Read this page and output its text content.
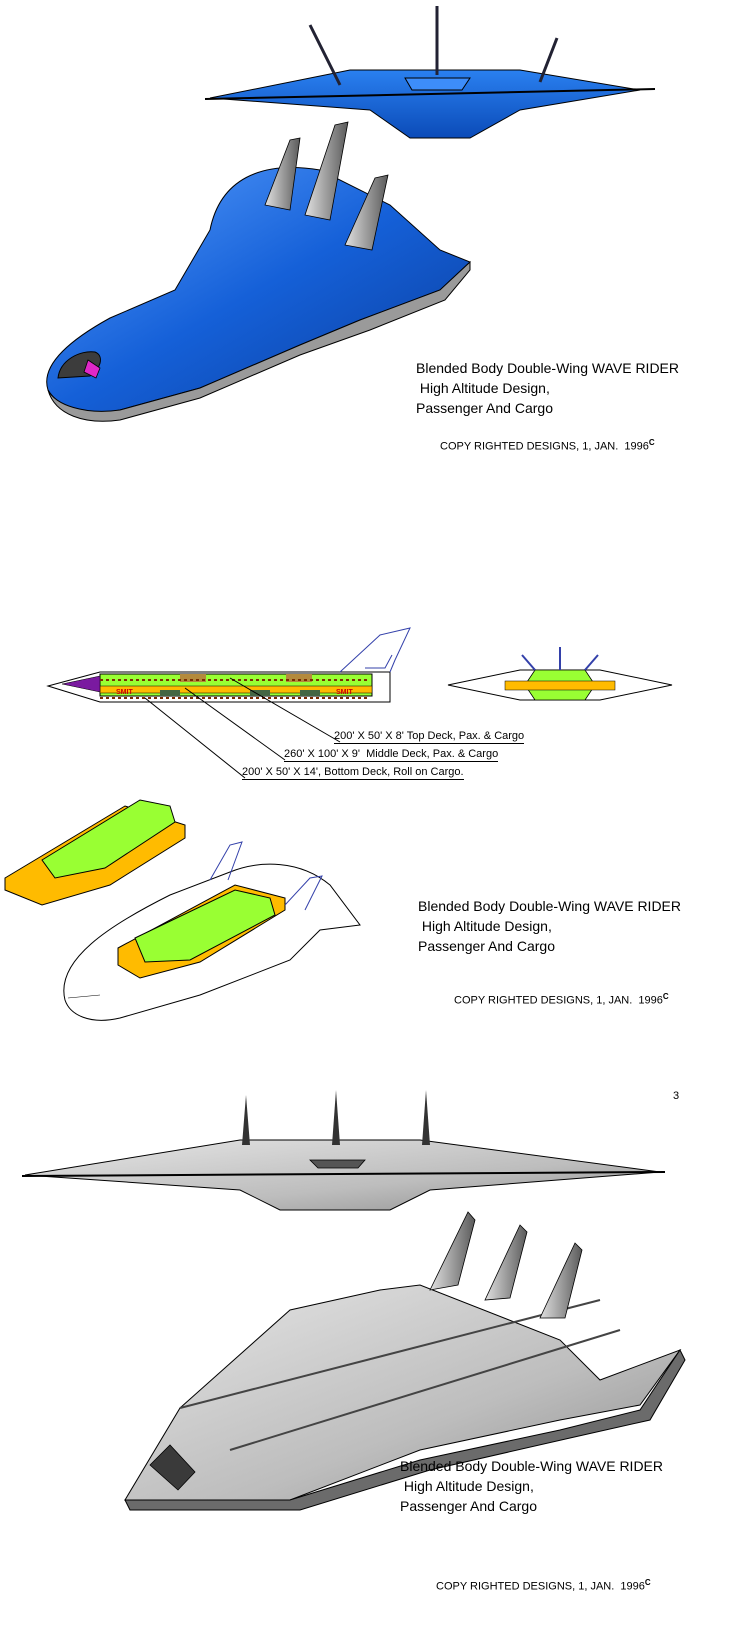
Blended Body Double-Wing WAVE RIDER
High Altitude Design,
Passenger And Cargo
COPY RIGHTED DESIGNS, 1, JAN.  $1996^C$
200' X 50' X 8' Top Deck, Pax. & Cargo
260' X 100' X 9'  Middle Deck, Pax. & Cargo
200' X 50' X 14', Bottom Deck, Roll on Cargo.
Blended Body Double-Wing WAVE RIDER
High Altitude Design,
Passenger And Cargo
COPY RIGHTED DESIGNS, 1, JAN.  $1996^C$
3
Blended Body Double-Wing WAVE RIDER
High Altitude Design,
Passenger And Cargo
COPY RIGHTED DESIGNS, 1, JAN.  $1996^C$
SMIT	SMIT
